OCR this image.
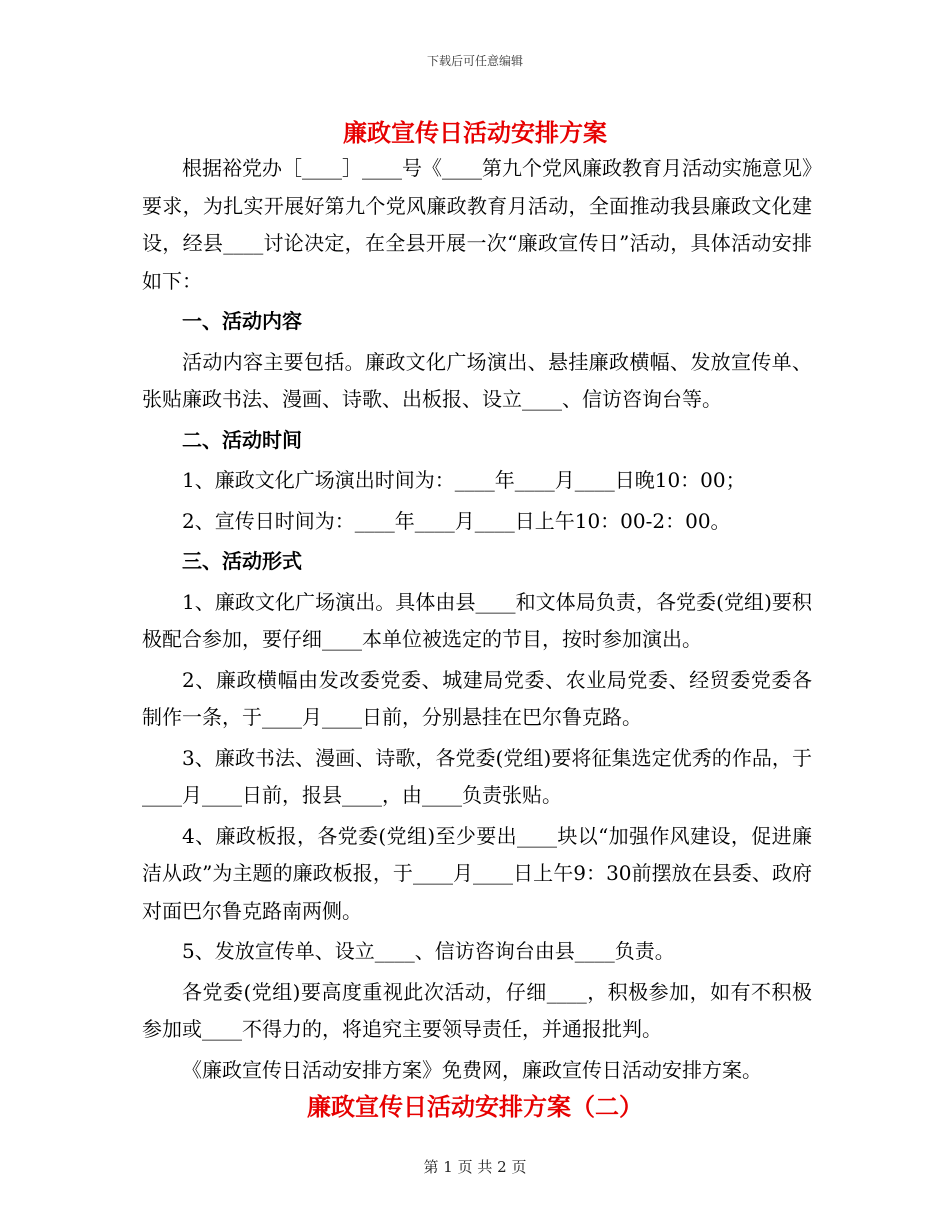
下载后可任意编辑
廉政宣传日活动安排方案

根据裕党办［____］____号《____第九个党风廉政教育月活动实施意见》要求，为扎实开展好第九个党风廉政教育月活动，全面推动我县廉政文化建设，经县____讨论决定，在全县开展一次“廉政宣传日”活动，具体活动安排如下：

一、活动内容

活动内容主要包括。廉政文化广场演出、悬挂廉政横幅、发放宣传单、张贴廉政书法、漫画、诗歌、出板报、设立____、信访咨询台等。

二、活动时间

1、廉政文化广场演出时间为：____年____月____日晚10：00；

2、宣传日时间为：____年____月____日上午10：00-2：00。

三、活动形式

1、廉政文化广场演出。具体由县____和文体局负责，各党委(党组)要积极配合参加，要仔细____本单位被选定的节目，按时参加演出。

2、廉政横幅由发改委党委、城建局党委、农业局党委、经贸委党委各制作一条，于____月____日前，分别悬挂在巴尔鲁克路。

3、廉政书法、漫画、诗歌，各党委(党组)要将征集选定优秀的作品，于____月____日前，报县____，由____负责张贴。

4、廉政板报，各党委(党组)至少要出____块以“加强作风建设，促进廉洁从政”为主题的廉政板报，于____月____日上午9：30前摆放在县委、政府对面巴尔鲁克路南两侧。

5、发放宣传单、设立____、信访咨询台由县____负责。

各党委(党组)要高度重视此次活动，仔细____，积极参加，如有不积极参加或____不得力的，将追究主要领导责任，并通报批判。

《廉政宣传日活动安排方案》免费网，廉政宣传日活动安排方案。

廉政宣传日活动安排方案（二）
第 1 页 共 2 页
